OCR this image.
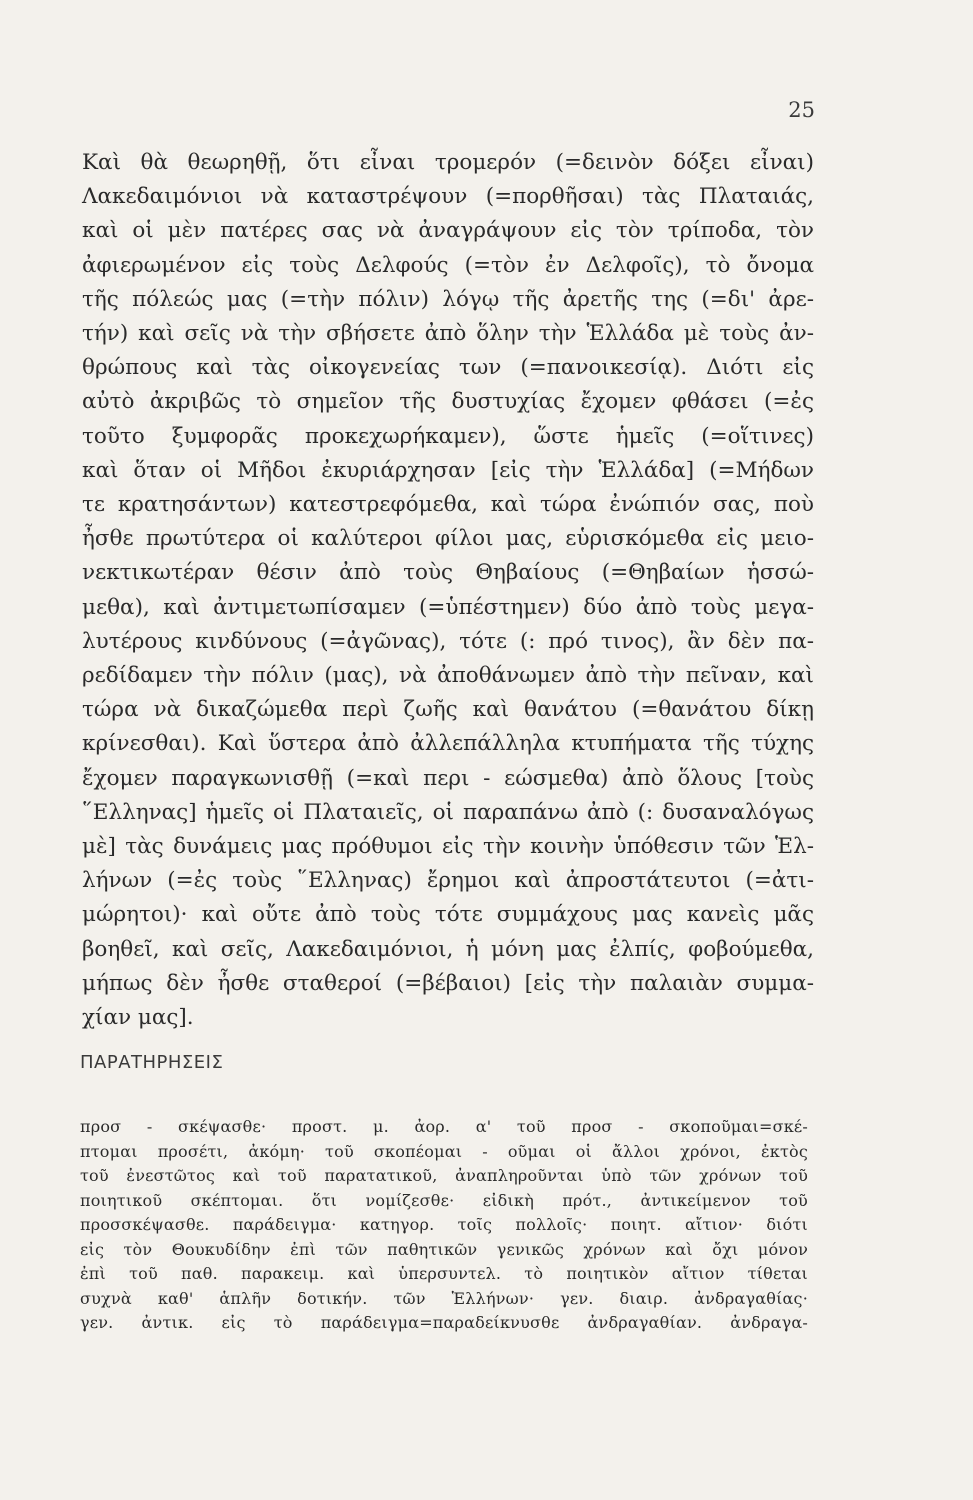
25
Καὶ θὰ θεωρηθῇ, ὅτι εἶναι τρομερόν (=δεινὸν δόξει εἶναι)
Λακεδαιμόνιοι νὰ καταστρέψουν (=πορθῆσαι) τὰς Πλαταιάς,
καὶ οἱ μὲν πατέρες σας νὰ ἀναγράψουν εἰς τὸν τρίποδα, τὸν
ἀφιερωμένον εἰς τοὺς Δελφούς (=τὸν ἐν Δελφοῖς), τὸ ὄνομα
τῆς πόλεώς μας (=τὴν πόλιν) λόγῳ τῆς ἀρετῆς της (=δι' ἀρε-
τήν) καὶ σεῖς νὰ τὴν σβήσετε ἀπὸ ὅλην τὴν Ἑλλάδα μὲ τοὺς ἀν-
θρώπους καὶ τὰς οἰκογενείας των (=πανοικεσίᾳ). Διότι εἰς
αὐτὸ ἀκριβῶς τὸ σημεῖον τῆς δυστυχίας ἔχομεν φθάσει (=ἐς
τοῦτο ξυμφορᾶς προκεχωρήκαμεν), ὥστε ἡμεῖς (=οἵτινες)
καὶ ὅταν οἱ Μῆδοι ἐκυριάρχησαν [εἰς τὴν Ἑλλάδα] (=Μήδων
τε κρατησάντων) κατεστρεφόμεθα, καὶ τώρα ἐνώπιόν σας, ποὺ
ἦσθε πρωτύτερα οἱ καλύτεροι φίλοι μας, εὑρισκόμεθα εἰς μειο-
νεκτικωτέραν θέσιν ἀπὸ τοὺς Θηβαίους (=Θηβαίων ἡσσώ-
μεθα), καὶ ἀντιμετωπίσαμεν (=ὑπέστημεν) δύο ἀπὸ τοὺς μεγα-
λυτέρους κινδύνους (=ἀγῶνας), τότε (: πρό τινος), ἂν δὲν πα-
ρεδίδαμεν τὴν πόλιν (μας), νὰ ἀποθάνωμεν ἀπὸ τὴν πεῖναν, καὶ
τώρα νὰ δικαζώμεθα περὶ ζωῆς καὶ θανάτου (=θανάτου δίκῃ
κρίνεσθαι). Καὶ ὕστερα ἀπὸ ἀλλεπάλληλα κτυπήματα τῆς τύχης
ἔχομεν παραγκωνισθῇ (=καὶ περι - εώσμεθα) ἀπὸ ὅλους [τοὺς
῞Ελληνας] ἡμεῖς οἱ Πλαταιεῖς, οἱ παραπάνω ἀπὸ (: δυσαναλόγως
μὲ] τὰς δυνάμεις μας πρόθυμοι εἰς τὴν κοινὴν ὑπόθεσιν τῶν Ἑλ-
λήνων (=ἐς τοὺς ῞Ελληνας) ἔρημοι καὶ ἀπροστάτευτοι (=ἀτι-
μώρητοι)· καὶ οὔτε ἀπὸ τοὺς τότε συμμάχους μας κανεὶς μᾶς
βοηθεῖ, καὶ σεῖς, Λακεδαιμόνιοι, ἡ μόνη μας ἐλπίς, φοβούμεθα,
μήπως δὲν ἦσθε σταθεροί (=βέβαιοι) [εἰς τὴν παλαιὰν συμμα-
χίαν μας].
ΠΑΡΑΤΗΡΗΣΕΙΣ
προσ - σκέψασθε· προστ. μ. ἀορ. α' τοῦ προσ - σκοποῦμαι=σκέ-
πτομαι προσέτι, ἀκόμη· τοῦ σκοπέομαι - οῦμαι οἱ ἄλλοι χρόνοι, ἐκτὸς
τοῦ ἐνεστῶτος καὶ τοῦ παρατατικοῦ, ἀναπληροῦνται ὑπὸ τῶν χρόνων τοῦ
ποιητικοῦ σκέπτομαι. ὅτι νομίζεσθε· εἰδικὴ πρότ., ἀντικείμενον τοῦ
προσσκέψασθε. παράδειγμα· κατηγορ. τοῖς πολλοῖς· ποιητ. αἴτιον· διότι
εἰς τὸν Θουκυδίδην ἐπὶ τῶν παθητικῶν γενικῶς χρόνων καὶ ὄχι μόνον
ἐπὶ τοῦ παθ. παρακειμ. καὶ ὑπερσυντελ. τὸ ποιητικὸν αἴτιον τίθεται
συχνὰ καθ' ἁπλῆν δοτικήν. τῶν Ἑλλήνων· γεν. διαιρ. ἀνδραγαθίας·
γεν. ἀντικ. εἰς τὸ παράδειγμα=παραδείκνυσθε ἀνδραγαθίαν. ἀνδραγα-
